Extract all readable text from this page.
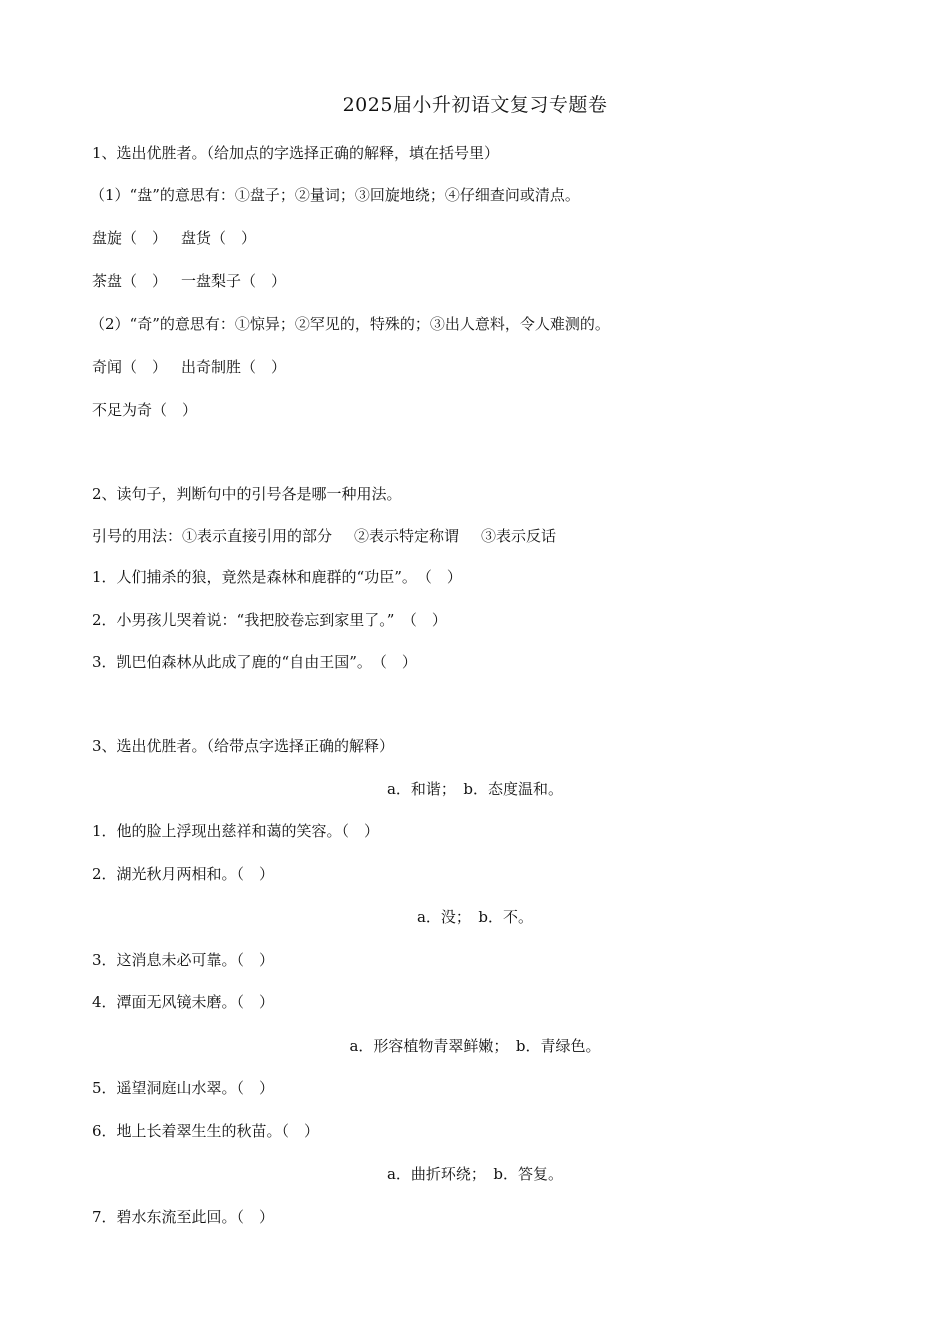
2025届小升初语文复习专题卷
1、选出优胜者。（给加点的字选择正确的解释，填在括号里）
（1）“盘”的意思有：①盘子；②量词；③回旋地绕；④仔细查问或清点。
盘旋（　） 盘货（　）
茶盘（　） 一盘梨子（　）
（2）“奇”的意思有：①惊异；②罕见的，特殊的；③出人意料，令人难测的。
奇闻（　） 出奇制胜（　）
不足为奇（　）
2、读句子，判断句中的引号各是哪一种用法。
引号的用法：①表示直接引用的部分 ②表示特定称谓 ③表示反话
1．人们捕杀的狼，竟然是森林和鹿群的“功臣”。　（　）
2．小男孩儿哭着说：“我把胶卷忘到家里了。”　（　）
3．凯巴伯森林从此成了鹿的“自由王国”。　（　）
3、选出优胜者。（给带点字选择正确的解释）
a．和谐；　b．态度温和。
1．他的脸上浮现出慈祥和蔼的笑容。（　）
2．湖光秋月两相和。（　）
a．没；　b．不。
3．这消息未必可靠。（　）
4．潭面无风镜未磨。（　）
a．形容植物青翠鲜嫩；　b．青绿色。
5．遥望洞庭山水翠。（　）
6．地上长着翠生生的秋苗。（　）
a．曲折环绕；　b．答复。
7．碧水东流至此回。（　）
